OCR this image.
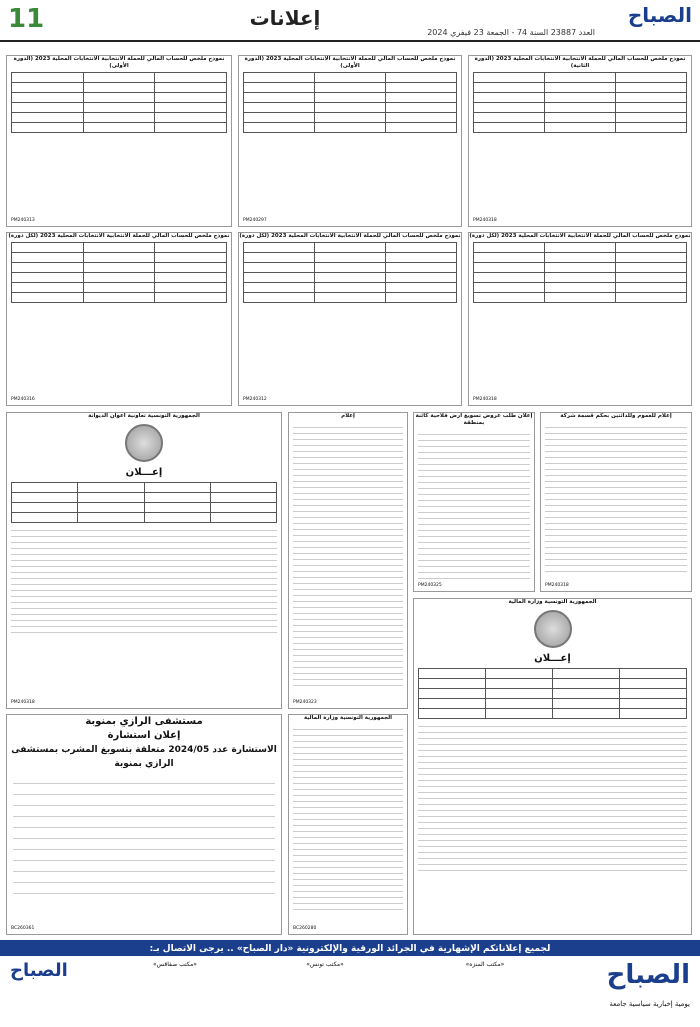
الصباح
العدد 23887 السنة 74 - الجمعة 23 فيفري 2024
إعلانات
11
نموذج ملخص للحساب المالي للحملة الانتخابية الانتخابات المحلية 2023 (الدورة الثانية)

PM240318
نموذج ملخص للحساب المالي للحملة الانتخابية الانتخابات المحلية 2023 (الدورة الأولى)

PM240297
نموذج ملخص للحساب المالي للحملة الانتخابية الانتخابات المحلية 2023 (الدورة الأولى)

PM240313
نموذج ملخص للحساب المالي للحملة الانتخابية الانتخابات المحلية 2023 (لكل دورة)

PM240318
نموذج ملخص للحساب المالي للحملة الانتخابية الانتخابات المحلية 2023 (لكل دورة)

PM240312
نموذج ملخص للحساب المالي للحملة الانتخابية الانتخابات المحلية 2023 (لكل دورة)

PM240316
إعلام للعموم وللدائنين بحكم قسمة شركة
PM240318
إعلان طلب عروض تسويغ أرض فلاحية كائنة بمنطقة
PM240325
إعلام
PM240323
الجمهورية التونسية تعاونية أعوان الديوانة
إعـــلان

PM240318
الجمهورية التونسية وزارة المالية
إعـــلان

الجمهورية التونسية وزارة المالية
BC260280
مستشفى الرازي بمنوبة
إعلان استشارة
الاستشارة عدد 2024/05 متعلقة بتسويغ المشرب بمستشفى الرازي بمنوبة
BC260361
لجميع إعلاناتكم الإشهارية في الجرائد الورقية والإلكترونية «دار الصباح» .. يرجى الاتصال بـ:
الصباح
يومية إخبارية سياسية جامعة
«مكتب المنزه»
«مكتب تونس»
«مكتب صفاقس»
الصباح
